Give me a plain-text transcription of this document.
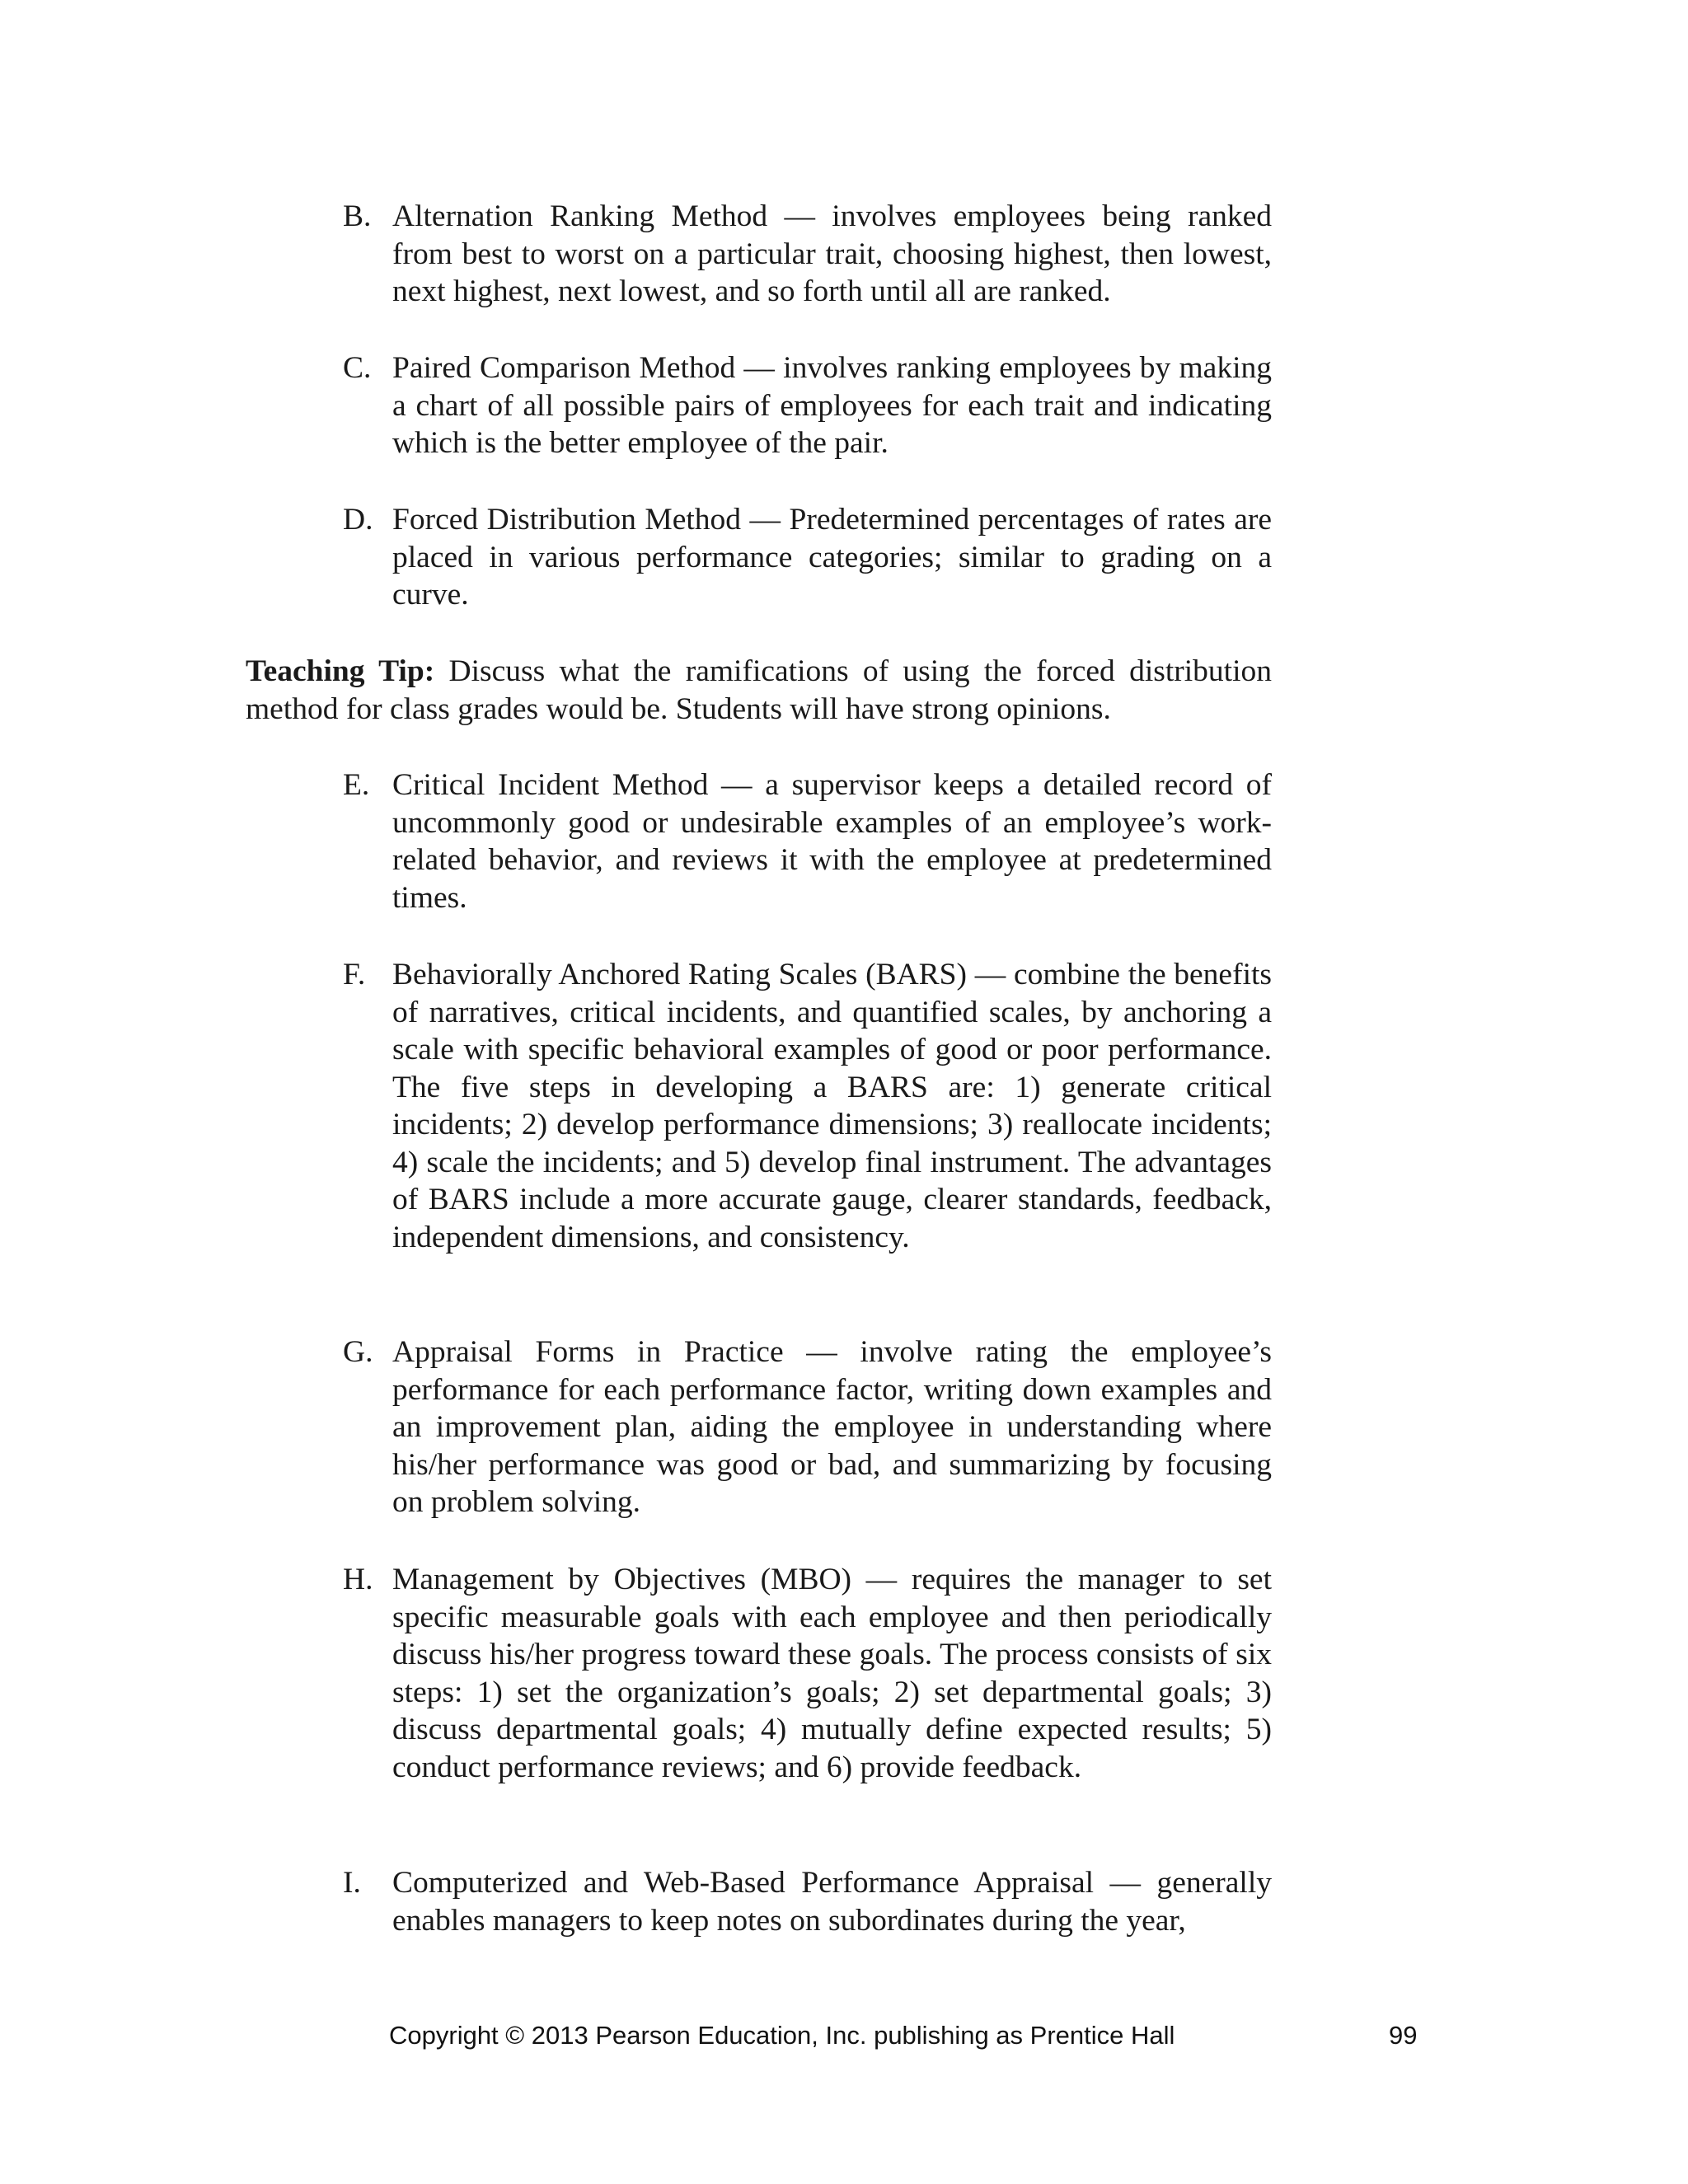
B. Alternation Ranking Method — involves employees being ranked from best to worst on a particular trait, choosing highest, then lowest, next highest, next lowest, and so forth until all are ranked.
C. Paired Comparison Method — involves ranking employees by making a chart of all possible pairs of employees for each trait and indicating which is the better employee of the pair.
D. Forced Distribution Method — Predetermined percentages of rates are placed in various performance categories; similar to grading on a curve.
Teaching Tip: Discuss what the ramifications of using the forced distribution method for class grades would be. Students will have strong opinions.
E. Critical Incident Method — a supervisor keeps a detailed record of uncommonly good or undesirable examples of an employee’s work-related behavior, and reviews it with the employee at predetermined times.
F. Behaviorally Anchored Rating Scales (BARS) — combine the benefits of narratives, critical incidents, and quantified scales, by anchoring a scale with specific behavioral examples of good or poor performance. The five steps in developing a BARS are: 1) generate critical incidents; 2) develop performance dimensions; 3) reallocate incidents; 4) scale the incidents; and 5) develop final instrument. The advantages of BARS include a more accurate gauge, clearer standards, feedback, independent dimensions, and consistency.
G. Appraisal Forms in Practice — involve rating the employee’s performance for each performance factor, writing down examples and an improvement plan, aiding the employee in understanding where his/her performance was good or bad, and summarizing by focusing on problem solving.
H. Management by Objectives (MBO) — requires the manager to set specific measurable goals with each employee and then periodically discuss his/her progress toward these goals. The process consists of six steps: 1) set the organization’s goals; 2) set departmental goals; 3) discuss departmental goals; 4) mutually define expected results; 5) conduct performance reviews; and 6) provide feedback.
I. Computerized and Web-Based Performance Appraisal — generally enables managers to keep notes on subordinates during the year,
Copyright © 2013 Pearson Education, Inc. publishing as Prentice Hall	99
